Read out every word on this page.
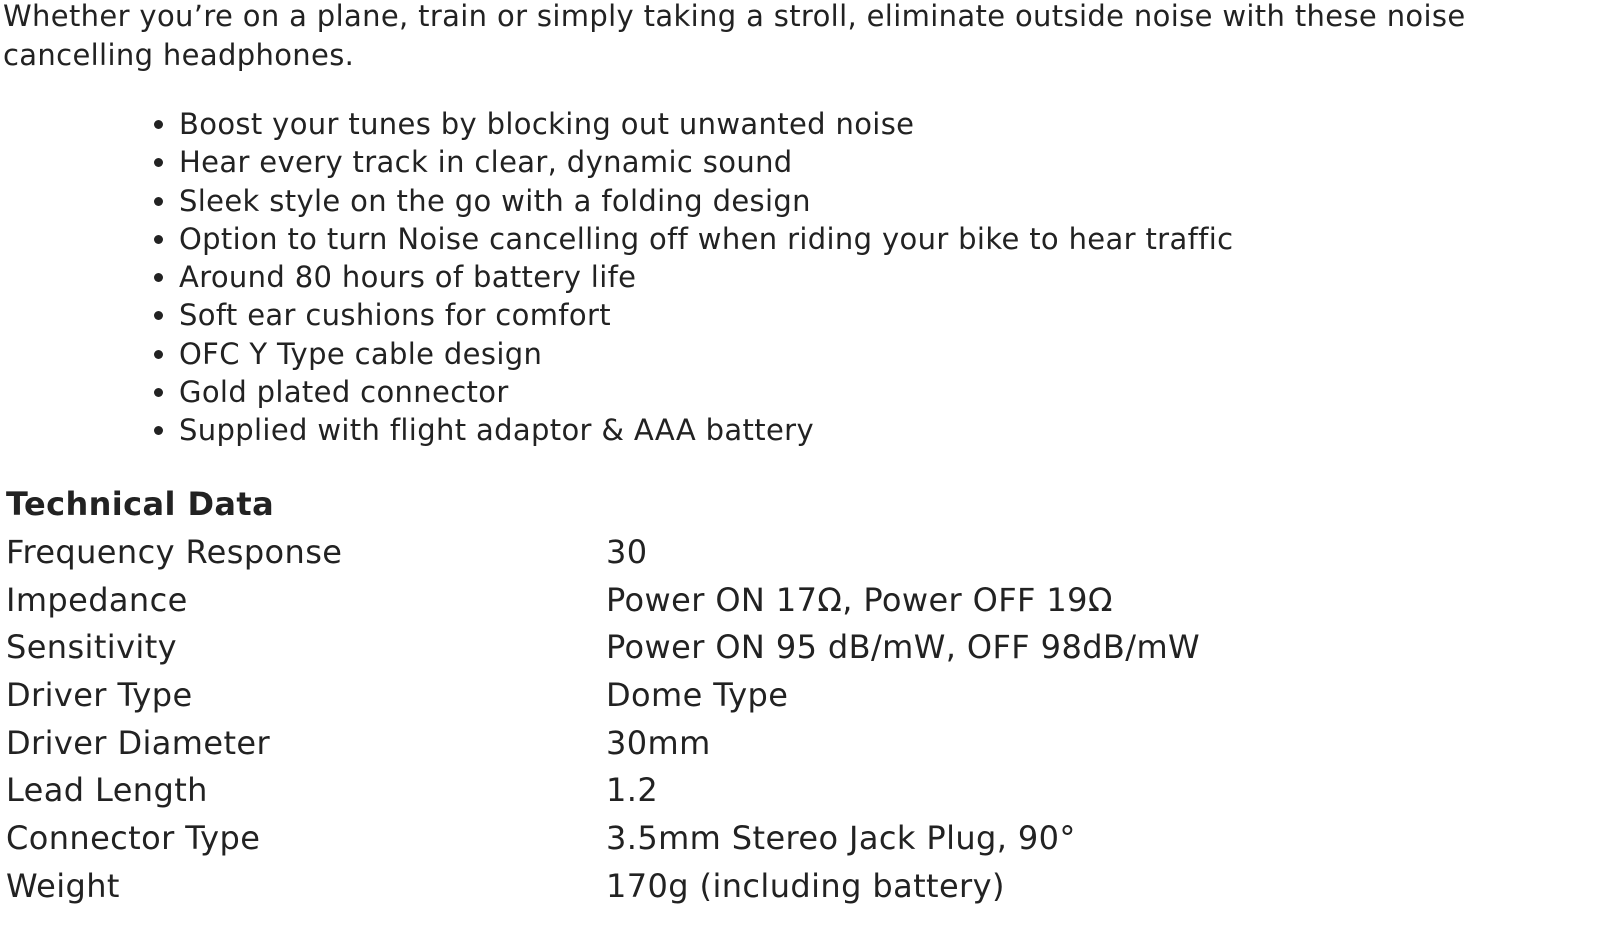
Whether you’re on a plane, train or simply taking a stroll, eliminate outside noise with these noise cancelling headphones.

Boost your tunes by blocking out unwanted noise
Hear every track in clear, dynamic sound
Sleek style on the go with a folding design
Option to turn Noise cancelling off when riding your bike to hear traffic
Around 80 hours of battery life
Soft ear cushions for comfort
OFC Y Type cable design
Gold plated connector
Supplied with flight adaptor & AAA battery
Technical Data
Frequency Response	30
Impedance	Power ON 17Ω, Power OFF 19Ω
Sensitivity	Power ON 95 dB/mW, OFF 98dB/mW
Driver Type	Dome Type
Driver Diameter	30mm
Lead Length	1.2
Connector Type	3.5mm Stereo Jack Plug, 90°
Weight	170g (including battery)
